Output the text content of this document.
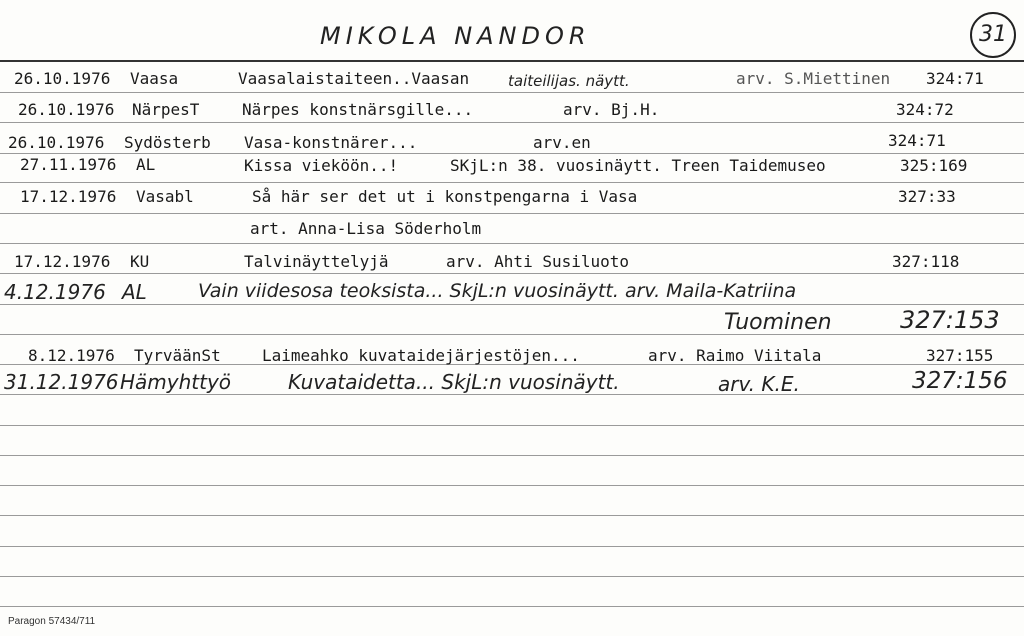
MIKOLA NANDOR	31
26.10.1976 Vaasa	Vaasalaistaiteen..Vaasan	taiteilijas. näytt.	arv. S.Miettinen 324:71
26.10.1976 NärpesT	Närpes konstnärsgille...	arv. Bj.H.	324:72
26.10.1976 Sydösterb Vasa-konstnärer...	arv.en	324:71
27.11.1976 AL	Kissa vieköön..!	SKjL:n 38. vuosinäytt. Treen Taidemuseo	325:169
17.12.1976 Vasabl	Så här ser det ut i konstpengarna i Vasa	327:33
art. Anna-Lisa Söderholm
17.12.1976 KU	Talvinäyttelyjä	arv. Ahti Susiluoto	327:118
4.12.1976 AL	Vain viidesosa teoksista... SkjL:n vuosinäytt. arv. Maila-Katriina
Tuominen	327:153
8.12.1976 TyrväänSt	Laimeahko kuvataidejärjestöjen...	arv. Raimo Viitala	327:155
31.12.1976 Hämyhttyö	Kuvataidetta... SkjL:n vuosinäytt.	arv. K.E.	327:156
Paragon 57434/711
